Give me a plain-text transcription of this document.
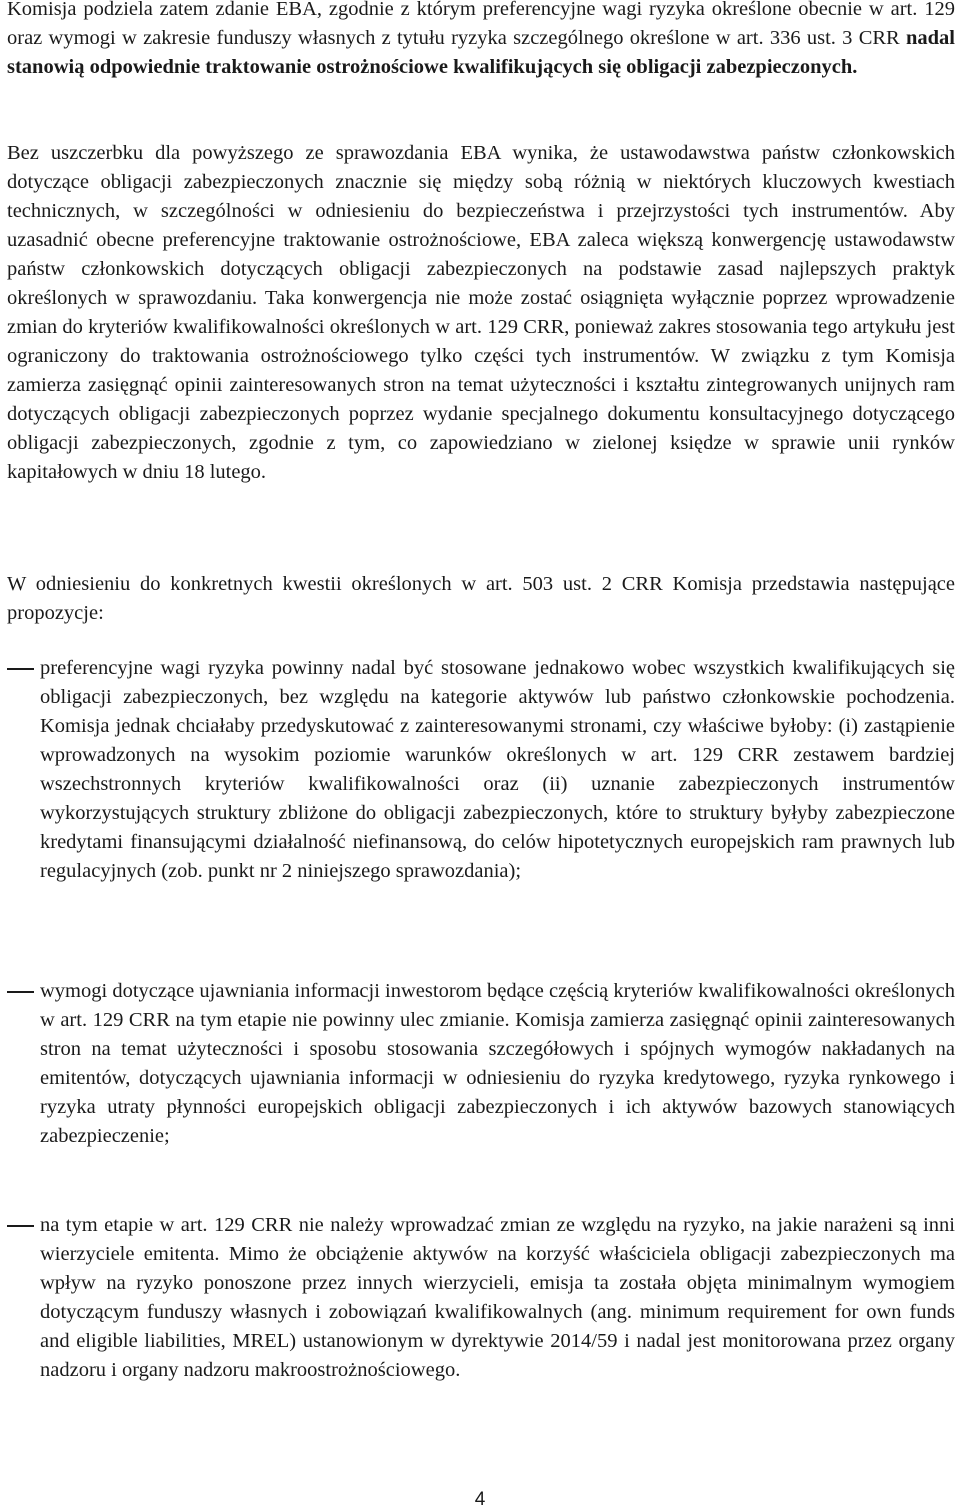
Komisja podziela zatem zdanie EBA, zgodnie z którym preferencyjne wagi ryzyka określone obecnie w art. 129 oraz wymogi w zakresie funduszy własnych z tytułu ryzyka szczególnego określone w art. 336 ust. 3 CRR nadal stanowią odpowiednie traktowanie ostrożnościowe kwalifikujących się obligacji zabezpieczonych.

Bez uszczerbku dla powyższego ze sprawozdania EBA wynika, że ustawodawstwa państw członkowskich dotyczące obligacji zabezpieczonych znacznie się między sobą różnią w niektórych kluczowych kwestiach technicznych, w szczególności w odniesieniu do bezpieczeństwa i przejrzystości tych instrumentów. Aby uzasadnić obecne preferencyjne traktowanie ostrożnościowe, EBA zaleca większą konwergencję ustawodawstw państw członkowskich dotyczących obligacji zabezpieczonych na podstawie zasad najlepszych praktyk określonych w sprawozdaniu. Taka konwergencja nie może zostać osiągnięta wyłącznie poprzez wprowadzenie zmian do kryteriów kwalifikowalności określonych w art. 129 CRR, ponieważ zakres stosowania tego artykułu jest ograniczony do traktowania ostrożnościowego tylko części tych instrumentów. W związku z tym Komisja zamierza zasięgnąć opinii zainteresowanych stron na temat użyteczności i kształtu zintegrowanych unijnych ram dotyczących obligacji zabezpieczonych poprzez wydanie specjalnego dokumentu konsultacyjnego dotyczącego obligacji zabezpieczonych, zgodnie z tym, co zapowiedziano w zielonej księdze w sprawie unii rynków kapitałowych w dniu 18 lutego.

W odniesieniu do konkretnych kwestii określonych w art. 503 ust. 2 CRR Komisja przedstawia następujące propozycje:

preferencyjne wagi ryzyka powinny nadal być stosowane jednakowo wobec wszystkich kwalifikujących się obligacji zabezpieczonych, bez względu na kategorie aktywów lub państwo członkowskie pochodzenia. Komisja jednak chciałaby przedyskutować z zainteresowanymi stronami, czy właściwe byłoby: (i) zastąpienie wprowadzonych na wysokim poziomie warunków określonych w art. 129 CRR zestawem bardziej wszechstronnych kryteriów kwalifikowalności oraz (ii) uznanie zabezpieczonych instrumentów wykorzystujących struktury zbliżone do obligacji zabezpieczonych, które to struktury byłyby zabezpieczone kredytami finansującymi działalność niefinansową, do celów hipotetycznych europejskich ram prawnych lub regulacyjnych (zob. punkt nr 2 niniejszego sprawozdania);

wymogi dotyczące ujawniania informacji inwestorom będące częścią kryteriów kwalifikowalności określonych w art. 129 CRR na tym etapie nie powinny ulec zmianie. Komisja zamierza zasięgnąć opinii zainteresowanych stron na temat użyteczności i sposobu stosowania szczegółowych i spójnych wymogów nakładanych na emitentów, dotyczących ujawniania informacji w odniesieniu do ryzyka kredytowego, ryzyka rynkowego i ryzyka utraty płynności europejskich obligacji zabezpieczonych i ich aktywów bazowych stanowiących zabezpieczenie;

na tym etapie w art. 129 CRR nie należy wprowadzać zmian ze względu na ryzyko, na jakie narażeni są inni wierzyciele emitenta. Mimo że obciążenie aktywów na korzyść właściciela obligacji zabezpieczonych ma wpływ na ryzyko ponoszone przez innych wierzycieli, emisja ta została objęta minimalnym wymogiem dotyczącym funduszy własnych i zobowiązań kwalifikowalnych (ang. minimum requirement for own funds and eligible liabilities, MREL) ustanowionym w dyrektywie 2014/59 i nadal jest monitorowana przez organy nadzoru i organy nadzoru makroostrożnościowego.

4
